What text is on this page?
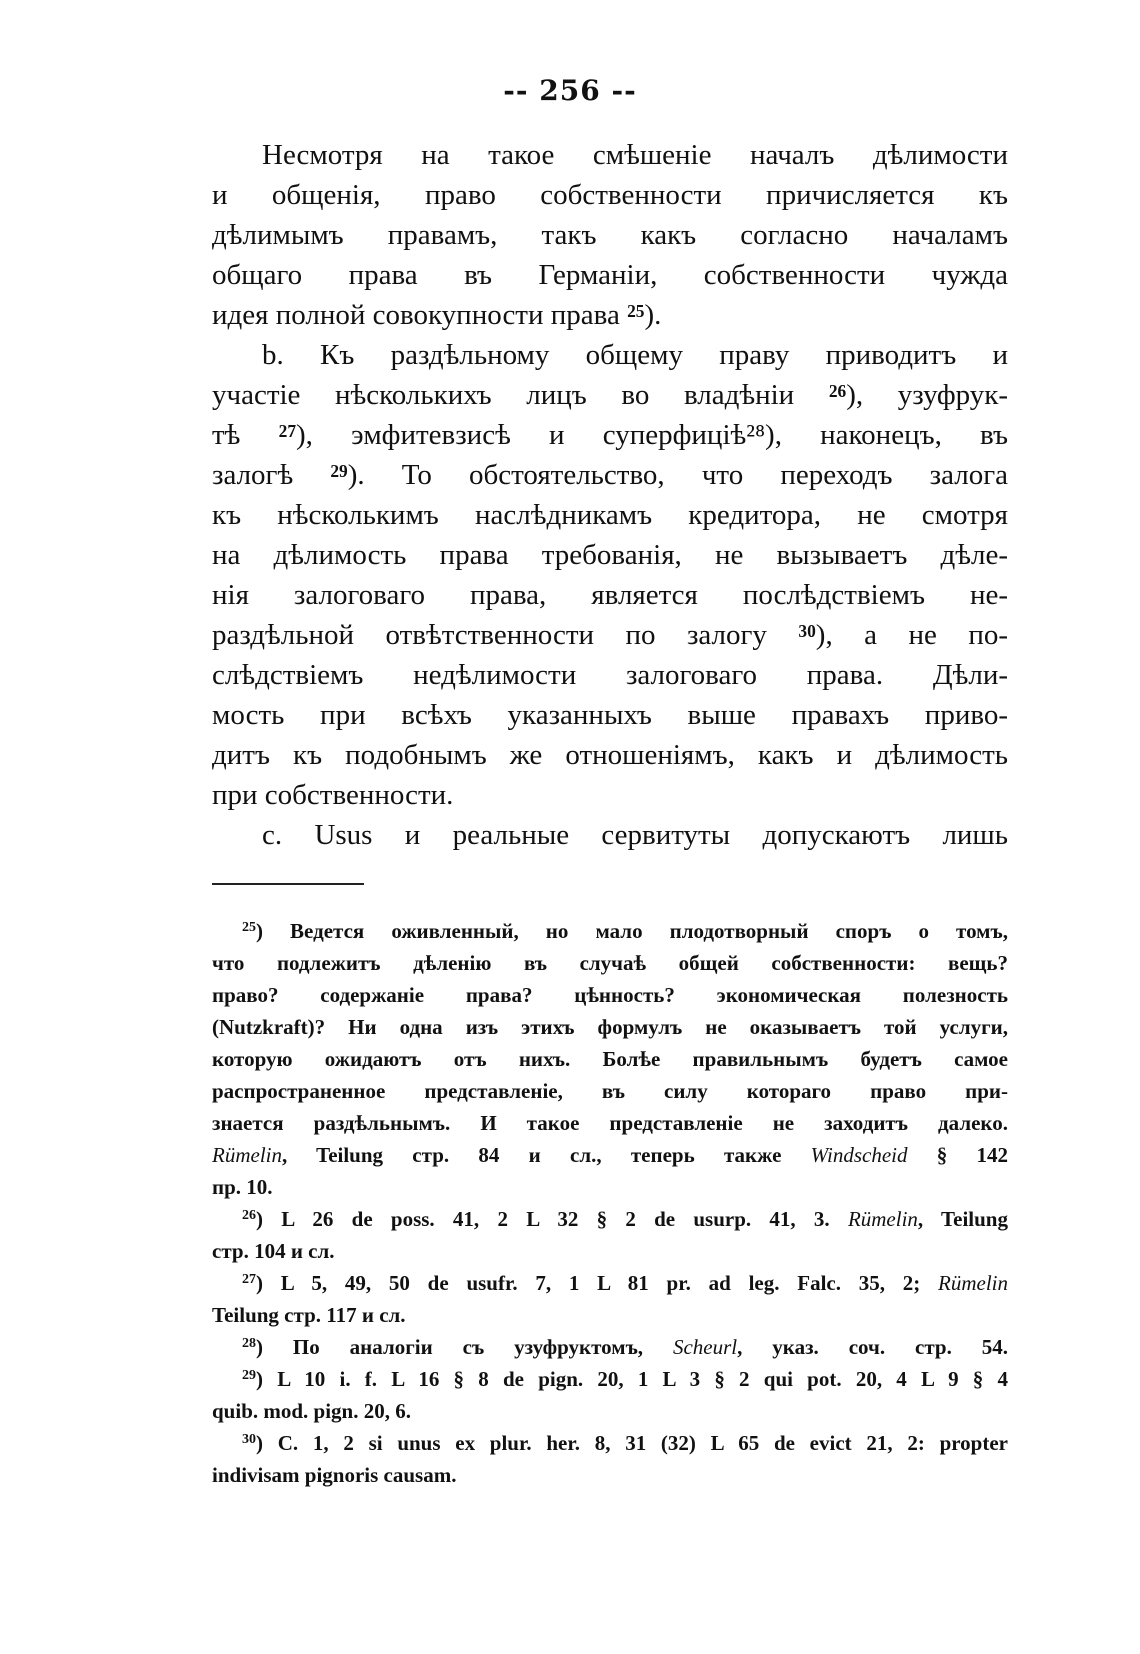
-- 256 --
Несмотря на такое смѣшеніе началъ дѣлимости
и общенія, право собственности причисляется къ
дѣлимымъ правамъ, такъ какъ согласно началамъ
общаго права въ Германіи, собственности чужда
идея полной совокупности права $^{25}$).
b. Къ раздѣльному общему праву приводитъ и
участіе нѣсколькихъ лицъ во владѣніи $^{26}$), узуфрук-
тѣ $^{27}$), эмфитевзисѣ и суперфиціѣ²⁸), наконецъ, въ
залогѣ $^{29}$). То обстоятельство, что переходъ залога
къ нѣсколькимъ наслѣдникамъ кредитора, не смотря
на дѣлимость права требованія, не вызываетъ дѣле-
нія залоговаго права, является послѣдствіемъ не-
раздѣльной отвѣтственности по залогу $^{30}$), а не по-
слѣдствіемъ недѣлимости залоговаго права. Дѣли-
мость при всѣхъ указанныхъ выше правахъ приво-
дитъ къ подобнымъ же отношеніямъ, какъ и дѣлимость
при собственности.
c. Usus и реальные сервитуты допускаютъ лишь
$^{25}$) Ведется оживленный, но мало плодотворный споръ о томъ,
что подлежитъ дѣленію въ случаѣ общей собственности: вещь?
право? содержаніе права? цѣнность? экономическая полезность
(Nutzkraft)? Ни одна изъ этихъ формулъ не оказываетъ той услуги,
которую ожидаютъ отъ нихъ. Болѣе правильнымъ будетъ самое
распространенное представленіе, въ силу котораго право при-
знается раздѣльнымъ. И такое представленіе не заходитъ далеко.
Rümelin, Teilung стр. 84 и сл., теперь также Windscheid § 142
пр. 10.
$^{26}$) L 26 de poss. 41, 2 L 32 § 2 de usurp. 41, 3. Rümelin, Teilung
стр. 104 и сл.
$^{27}$) L 5, 49, 50 de usufr. 7, 1 L 81 pr. ad leg. Falc. 35, 2; Rümelin
Teilung стр. 117 и сл.
$^{28}$) По аналогіи съ узуфруктомъ, Scheurl, указ. соч. стр. 54.
$^{29}$) L 10 i. f. L 16 § 8 de pign. 20, 1 L 3 § 2 qui pot. 20, 4 L 9 § 4
quib. mod. pign. 20, 6.
$^{30}$) C. 1, 2 si unus ex plur. her. 8, 31 (32) L 65 de evict 21, 2: propter
indivisam pignoris causam.
